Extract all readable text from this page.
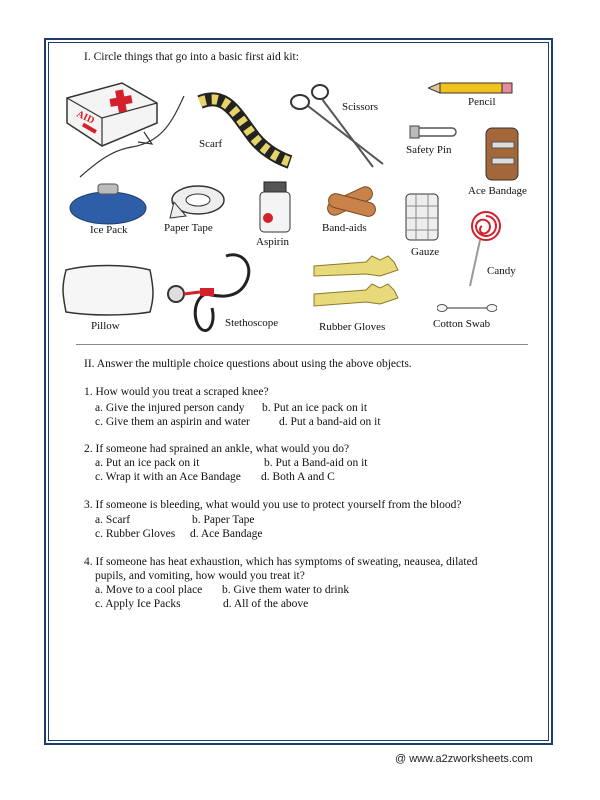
I. Circle things that go into a basic first aid kit:
AID
Scarf
Scissors	Pencil
Safety Pin
Ace Bandage
Ice Pack	Paper Tape
Aspirin
Band-aids
Gauze
Candy
Pillow	Stethoscope	Rubber Gloves	Cotton Swab
II. Answer the multiple choice questions about using the above objects.
1. How would you treat a scraped knee?
a. Give the injured person candy b. Put an ice pack on it
c. Give them an aspirin and water	d. Put a band-aid on it
2. If someone had sprained an ankle, what would you do?
a. Put an ice pack on it	b. Put a Band-aid on it
c. Wrap it with an Ace Bandage d. Both A and C
3. If someone is bleeding, what would you use to protect yourself from the blood?
a. Scarf	b. Paper Tape
c. Rubber Gloves d. Ace Bandage
4. If someone has heat exhaustion, which has symptoms of sweating, neausea, dilated
pupils, and vomiting, how would you treat it?
a. Move to a cool place b. Give them water to drink
c. Apply Ice Packs	d. All of the above
@ www.a2zworksheets.com
